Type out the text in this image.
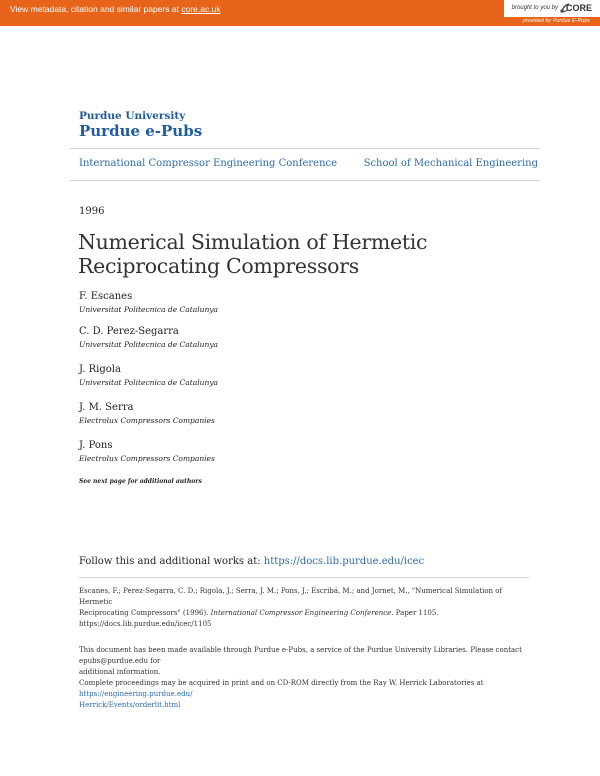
View metadata, citation and similar papers at core.ac.uk	brought to you by CORE
provided by Purdue E-Pubs
Purdue University
Purdue e-Pubs
International Compressor Engineering Conference	School of Mechanical Engineering
1996
Numerical Simulation of Hermetic Reciprocating Compressors
F. Escanes
Universitat Politecnica de Catalunya
C. D. Perez-Segarra
Universitat Politecnica de Catalunya
J. Rigola
Universitat Politecnica de Catalunya
J. M. Serra
Electrolux Compressors Companies
J. Pons
Electrolux Compressors Companies
See next page for additional authors
Follow this and additional works at: https://docs.lib.purdue.edu/icec
Escanes, F.; Perez-Segarra, C. D.; Rigola, J.; Serra, J. M.; Pons, J.; Escribá, M.; and Jornet, M., "Numerical Simulation of Hermetic
Reciprocating Compressors" (1996). International Compressor Engineering Conference. Paper 1105.
https://docs.lib.purdue.edu/icec/1105
This document has been made available through Purdue e-Pubs, a service of the Purdue University Libraries. Please contact epubs@purdue.edu for
additional information.
Complete proceedings may be acquired in print and on CD-ROM directly from the Ray W. Herrick Laboratories at https://engineering.purdue.edu/
Herrick/Events/orderlit.html
